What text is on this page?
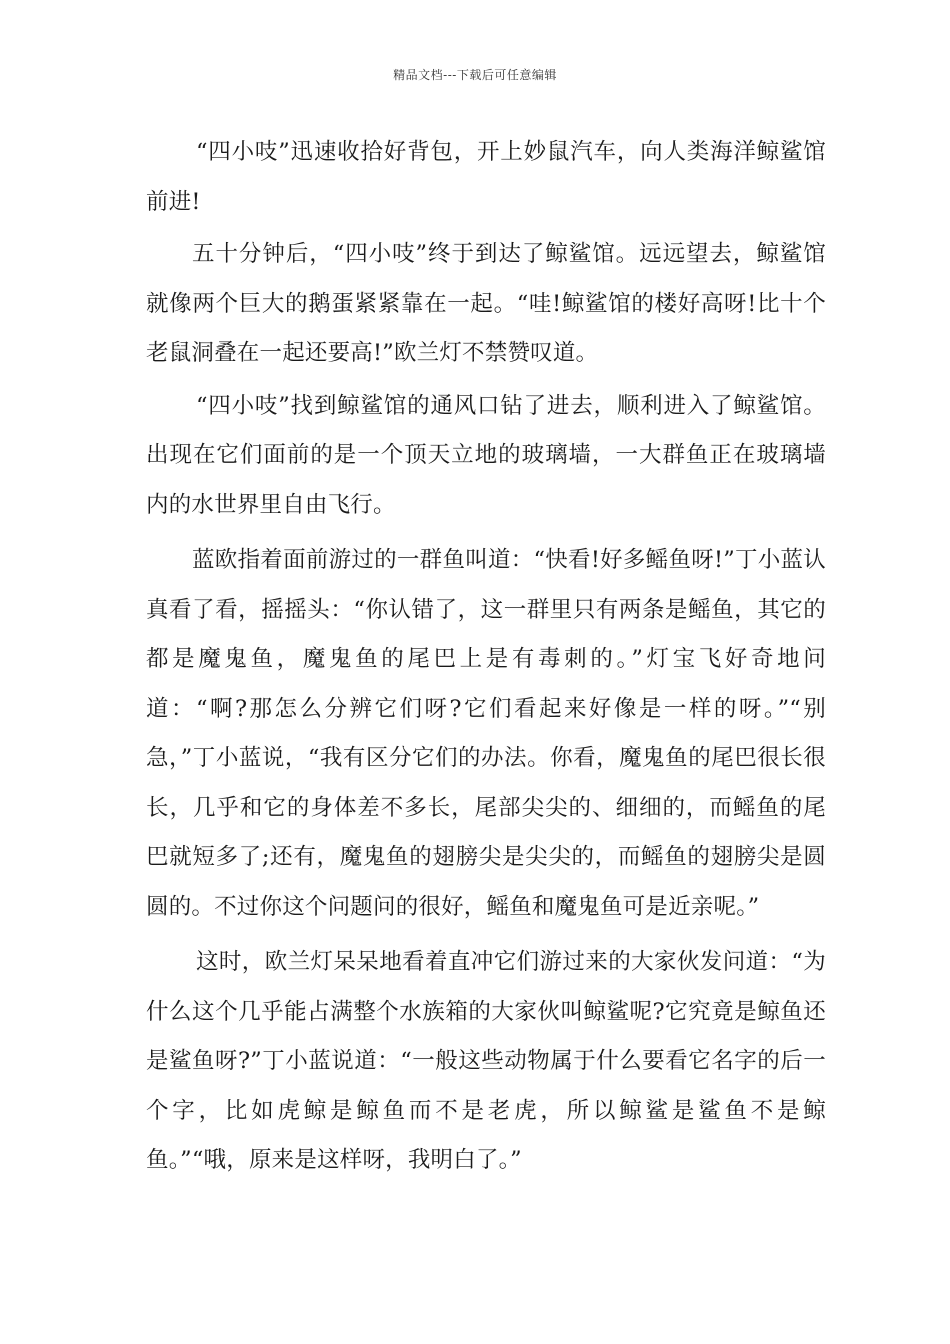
精品文档---下载后可任意编辑

“四小吱”迅速收拾好背包，开上妙鼠汽车，向人类海洋鲸鲨馆前进!

五十分钟后，“四小吱”终于到达了鲸鲨馆。远远望去，鲸鲨馆就像两个巨大的鹅蛋紧紧靠在一起。“哇!鲸鲨馆的楼好高呀!比十个老鼠洞叠在一起还要高!”欧兰灯不禁赞叹道。

“四小吱”找到鲸鲨馆的通风口钻了进去，顺利进入了鲸鲨馆。出现在它们面前的是一个顶天立地的玻璃墙，一大群鱼正在玻璃墙内的水世界里自由飞行。

蓝欧指着面前游过的一群鱼叫道：“快看!好多鳐鱼呀!”丁小蓝认真看了看，摇摇头：“你认错了，这一群里只有两条是鳐鱼，其它的都是魔鬼鱼，魔鬼鱼的尾巴上是有毒刺的。”灯宝飞好奇地问道：“啊?那怎么分辨它们呀?它们看起来好像是一样的呀。”“别急，”丁小蓝说，“我有区分它们的办法。你看，魔鬼鱼的尾巴很长很长，几乎和它的身体差不多长，尾部尖尖的、细细的，而鳐鱼的尾巴就短多了;还有，魔鬼鱼的翅膀尖是尖尖的，而鳐鱼的翅膀尖是圆圆的。不过你这个问题问的很好，鳐鱼和魔鬼鱼可是近亲呢。”

这时，欧兰灯呆呆地看着直冲它们游过来的大家伙发问道：“为什么这个几乎能占满整个水族箱的大家伙叫鲸鲨呢?它究竟是鲸鱼还是鲨鱼呀?”丁小蓝说道：“一般这些动物属于什么要看它名字的后一个字，比如虎鲸是鲸鱼而不是老虎，所以鲸鲨是鲨鱼不是鲸鱼。”“哦，原来是这样呀，我明白了。”
